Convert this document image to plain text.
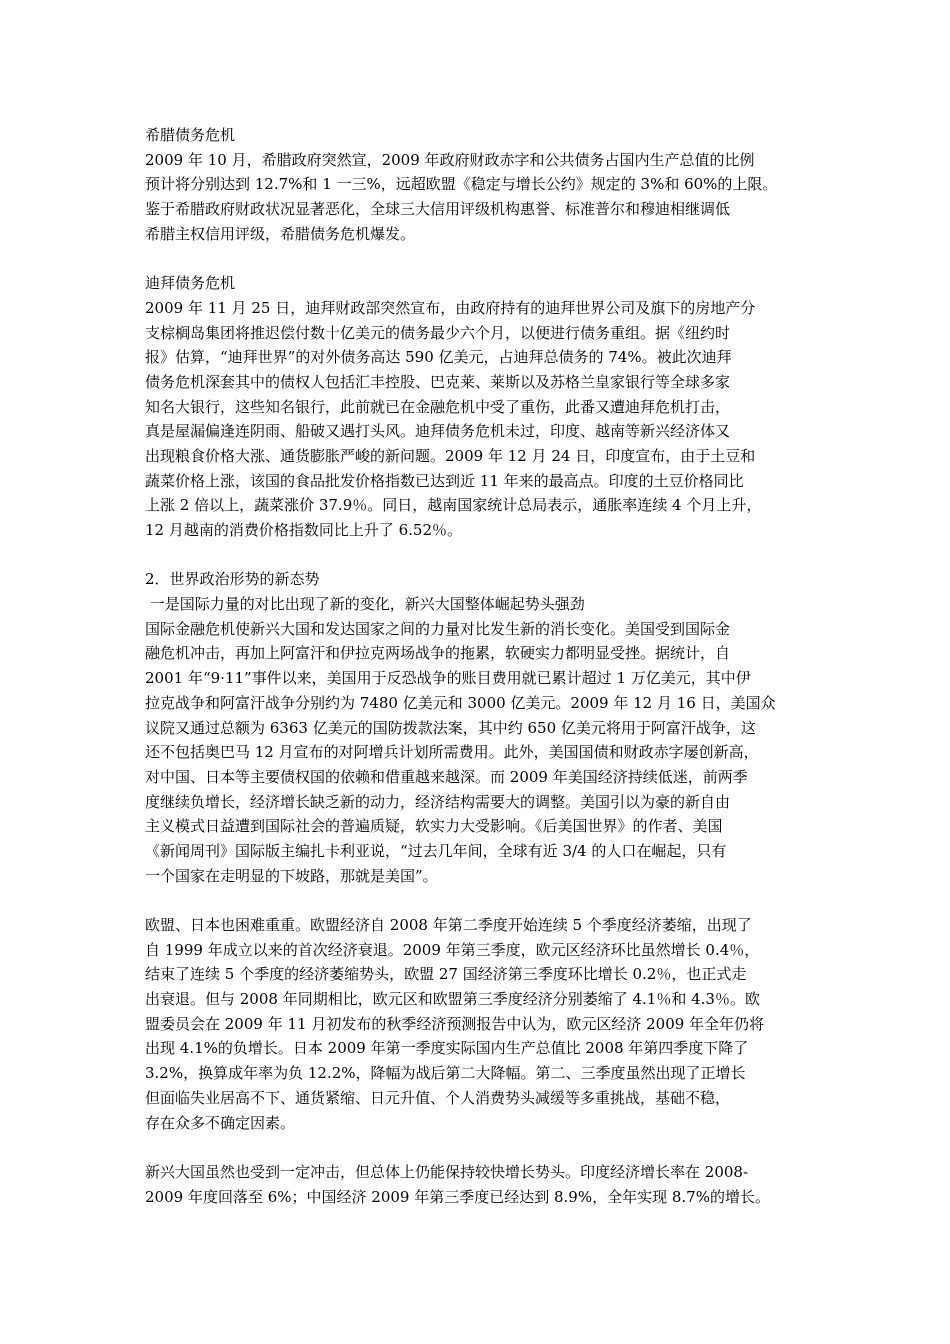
希腊债务危机
2009 年 10 月，希腊政府突然宣，2009 年政府财政赤字和公共债务占国内生产总值的比例
预计将分别达到 12.7%和 1 一三%，远超欧盟《稳定与增长公约》规定的 3%和 60%的上限。
鉴于希腊政府财政状况显著恶化，全球三大信用评级机构惠誉、标准普尔和穆迪相继调低
希腊主权信用评级，希腊债务危机爆发。
迪拜债务危机
2009 年 11 月 25 日，迪拜财政部突然宣布，由政府持有的迪拜世界公司及旗下的房地产分
支棕榈岛集团将推迟偿付数十亿美元的债务最少六个月，以便进行债务重组。据《纽约时
报》估算，“迪拜世界”的对外债务高达 590 亿美元，占迪拜总债务的 74%。被此次迪拜
债务危机深套其中的债权人包括汇丰控股、巴克莱、莱斯以及苏格兰皇家银行等全球多家
知名大银行，这些知名银行，此前就已在金融危机中受了重伤，此番又遭迪拜危机打击，
真是屋漏偏逢连阴雨、船破又遇打头风。迪拜债务危机未过，印度、越南等新兴经济体又
出现粮食价格大涨、通货膨胀严峻的新问题。2009 年 12 月 24 日，印度宣布，由于土豆和
蔬菜价格上涨，该国的食品批发价格指数已达到近 11 年来的最高点。印度的土豆价格同比
上涨 2 倍以上，蔬菜涨价 37.9％。同日，越南国家统计总局表示，通胀率连续 4 个月上升，
12 月越南的消费价格指数同比上升了 6.52％。
2．世界政治形势的新态势
一是国际力量的对比出现了新的变化，新兴大国整体崛起势头强劲
国际金融危机使新兴大国和发达国家之间的力量对比发生新的消长变化。美国受到国际金
融危机冲击，再加上阿富汗和伊拉克两场战争的拖累，软硬实力都明显受挫。据统计，自
2001 年“9·11”事件以来，美国用于反恐战争的账目费用就已累计超过 1 万亿美元，其中伊
拉克战争和阿富汗战争分别约为 7480 亿美元和 3000 亿美元。2009 年 12 月 16 日，美国众
议院又通过总额为 6363 亿美元的国防拨款法案，其中约 650 亿美元将用于阿富汗战争，这
还不包括奥巴马 12 月宣布的对阿增兵计划所需费用。此外，美国国债和财政赤字屡创新高，
对中国、日本等主要债权国的依赖和借重越来越深。而 2009 年美国经济持续低迷，前两季
度继续负增长，经济增长缺乏新的动力，经济结构需要大的调整。美国引以为豪的新自由
主义模式日益遭到国际社会的普遍质疑，软实力大受影响。《后美国世界》的作者、美国
《新闻周刊》国际版主编扎卡利亚说，“过去几年间，全球有近 3/4 的人口在崛起，只有
一个国家在走明显的下坡路，那就是美国”。
欧盟、日本也困难重重。欧盟经济自 2008 年第二季度开始连续 5 个季度经济萎缩，出现了
自 1999 年成立以来的首次经济衰退。2009 年第三季度，欧元区经济环比虽然增长 0.4％，
结束了连续 5 个季度的经济萎缩势头，欧盟 27 国经济第三季度环比增长 0.2％，也正式走
出衰退。但与 2008 年同期相比，欧元区和欧盟第三季度经济分别萎缩了 4.1％和 4.3％。欧
盟委员会在 2009 年 11 月初发布的秋季经济预测报告中认为，欧元区经济 2009 年全年仍将
出现 4.1%的负增长。日本 2009 年第一季度实际国内生产总值比 2008 年第四季度下降了
3.2%，换算成年率为负 12.2%，降幅为战后第二大降幅。第二、三季度虽然出现了正增长
但面临失业居高不下、通货紧缩、日元升值、个人消费势头减缓等多重挑战，基础不稳，
存在众多不确定因素。
新兴大国虽然也受到一定冲击，但总体上仍能保持较快增长势头。印度经济增长率在 2008-
2009 年度回落至 6%；中国经济 2009 年第三季度已经达到 8.9%，全年实现 8.7%的增长。
